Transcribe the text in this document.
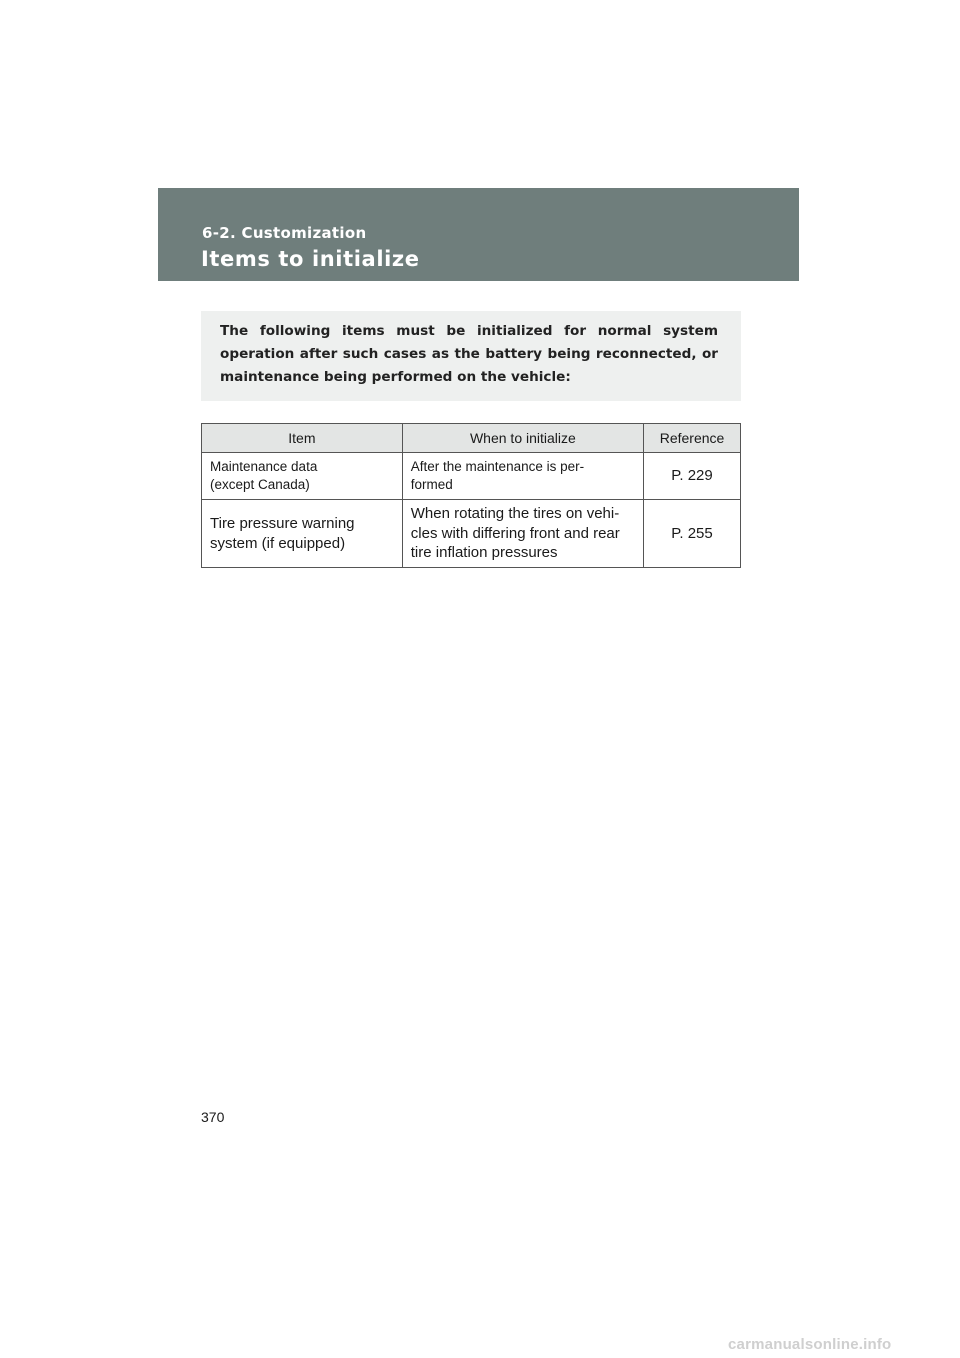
6-2. Customization
Items to initialize

The following items must be initialized for normal system operation after such cases as the battery being reconnected, or maintenance being performed on the vehicle:

Item	When to initialize	Reference
Maintenance data
(except Canada)	After the maintenance is per-
formed	P. 229
Tire pressure warning
system (if equipped)	When rotating the tires on vehi-
cles with differing front and rear
tire inflation pressures	P. 255
370
carmanualsonline.info
